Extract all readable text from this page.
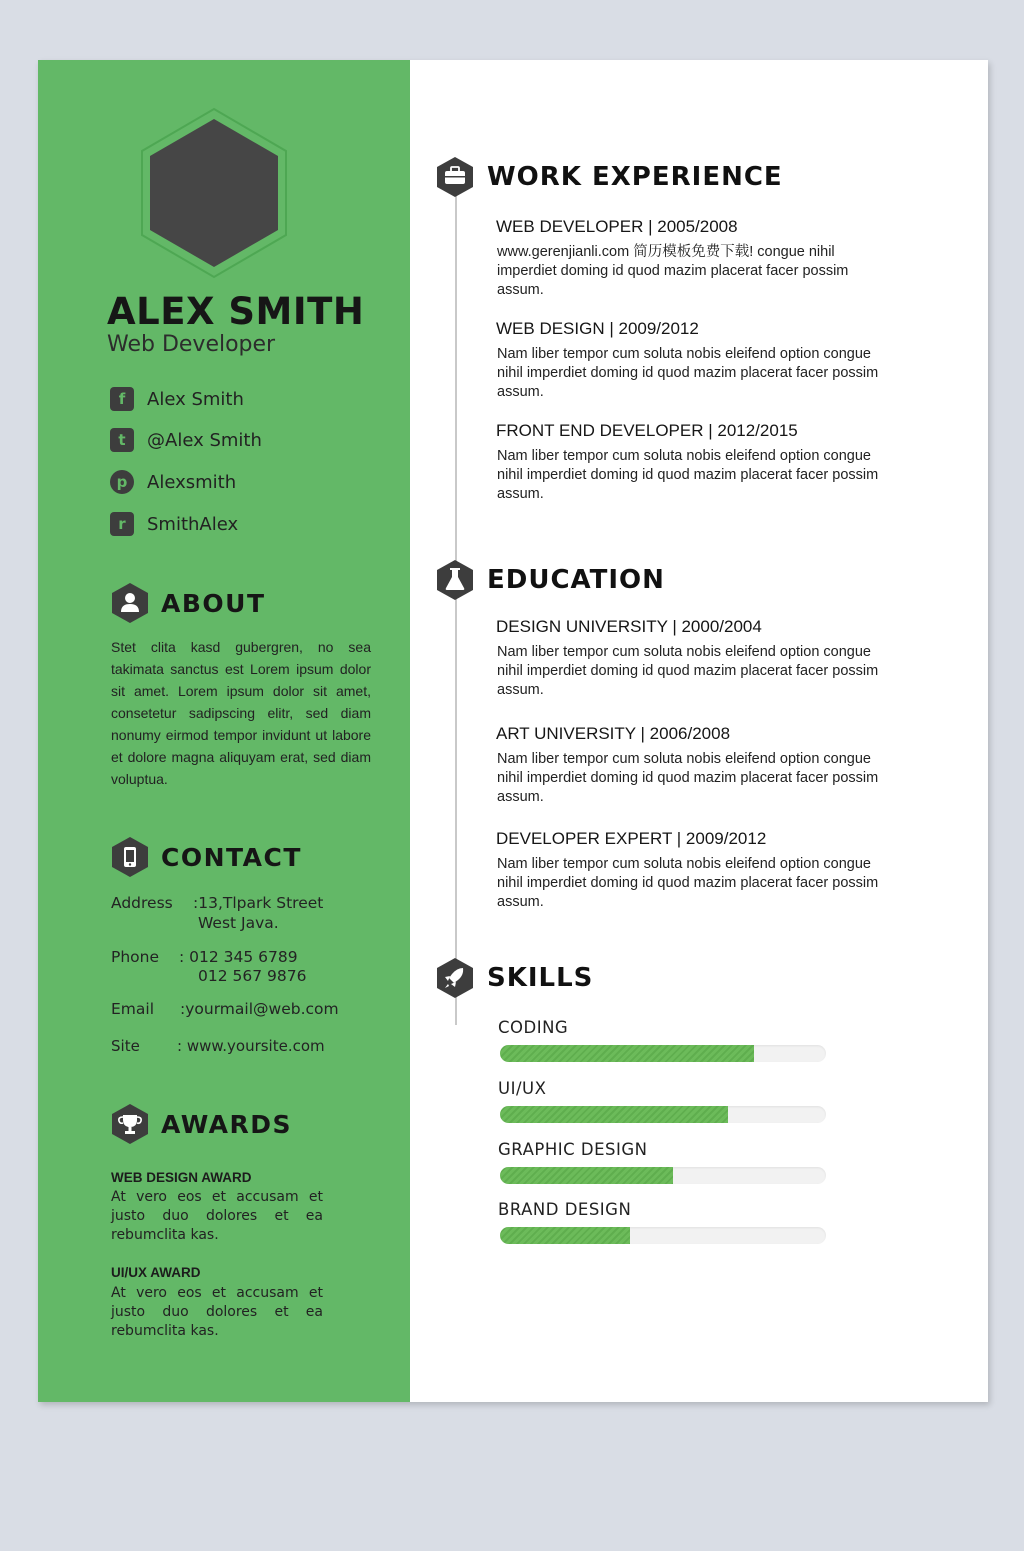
ALEX SMITH
Web Developer
f	Alex Smith
t	@Alex Smith
p	Alexsmith
r	SmithAlex
ABOUT
Stet clita kasd gubergren, no sea takimata sanctus est Lorem ipsum dolor sit amet. Lorem ipsum dolor sit amet, consetetur sadipscing elitr, sed diam nonumy eirmod tempor invidunt ut labore et dolore magna aliquyam erat, sed diam voluptua.
CONTACT
Address :13,Tlpark Street
West Java.
Phone : 012 345 6789
012 567 9876
Email :yourmail@web.com
Site : www.yoursite.com
AWARDS
WEB DESIGN AWARD
At vero eos et accusam et justo duo dolores et ea rebumclita kas.
UI/UX AWARD
At vero eos et accusam et justo duo dolores et ea rebumclita kas.
WORK EXPERIENCE
WEB DEVELOPER | 2005/2008
www.gerenjianli.com 简历模板免费下载! congue nihil imperdiet doming id quod mazim placerat facer possim assum.
WEB DESIGN | 2009/2012
Nam liber tempor cum soluta nobis eleifend option congue nihil imperdiet doming id quod mazim placerat facer possim assum.
FRONT END DEVELOPER | 2012/2015
Nam liber tempor cum soluta nobis eleifend option congue nihil imperdiet doming id quod mazim placerat facer possim assum.
EDUCATION
DESIGN UNIVERSITY | 2000/2004
Nam liber tempor cum soluta nobis eleifend option congue nihil imperdiet doming id quod mazim placerat facer possim assum.
ART UNIVERSITY | 2006/2008
Nam liber tempor cum soluta nobis eleifend option congue nihil imperdiet doming id quod mazim placerat facer possim assum.
DEVELOPER EXPERT | 2009/2012
Nam liber tempor cum soluta nobis eleifend option congue nihil imperdiet doming id quod mazim placerat facer possim assum.
SKILLS
CODING
UI/UX
GRAPHIC DESIGN
BRAND DESIGN
